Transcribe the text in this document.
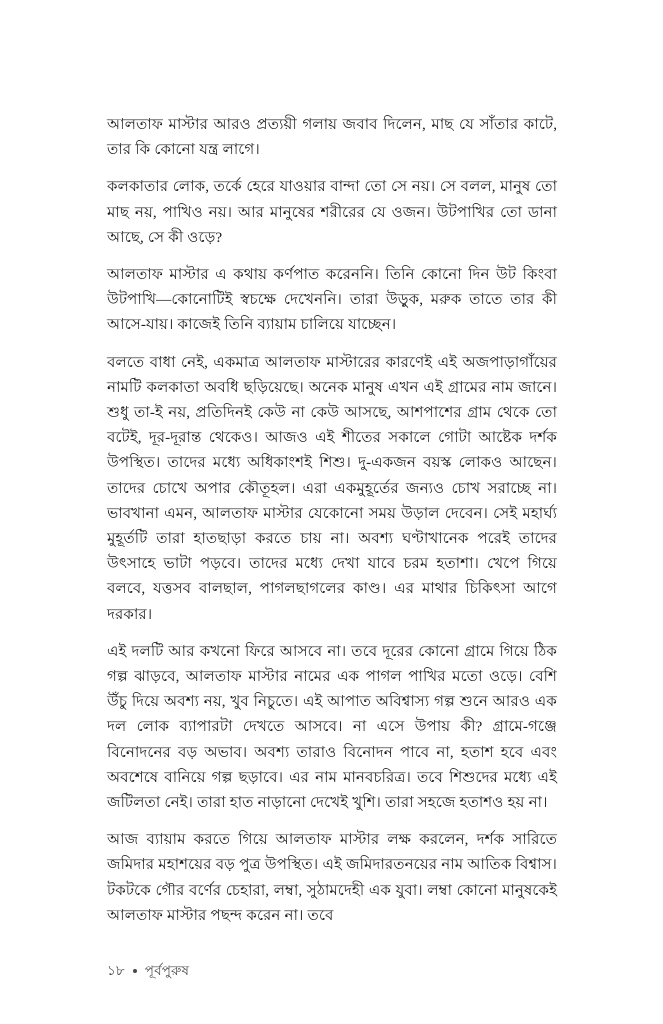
আলতাফ মাস্টার আরও প্রত্যয়ী গলায় জবাব দিলেন, মাছ যে সাঁতার কাটে, তার কি কোনো যন্ত্র লাগে।

কলকাতার লোক, তর্কে হেরে যাওয়ার বান্দা তো সে নয়। সে বলল, মানুষ তো মাছ নয়, পাখিও নয়। আর মানুষের শরীরের যে ওজন। উটপাখির তো ডানা আছে, সে কী ওড়ে?

আলতাফ মাস্টার এ কথায় কর্ণপাত করেননি। তিনি কোনো দিন উট কিংবা উটপাখি—কোনোটিই স্বচক্ষে দেখেননি। তারা উড়ুক, মরুক তাতে তার কী আসে-যায়। কাজেই তিনি ব্যায়াম চালিয়ে যাচ্ছেন।

বলতে বাধা নেই, একমাত্র আলতাফ মাস্টারের কারণেই এই অজপাড়াগাঁয়ের নামটি কলকাতা অবধি ছড়িয়েছে। অনেক মানুষ এখন এই গ্রামের নাম জানে। শুধু তা-ই নয়, প্রতিদিনই কেউ না কেউ আসছে, আশপাশের গ্রাম থেকে তো বটেই, দূর-দূরান্ত থেকেও। আজও এই শীতের সকালে গোটা আষ্টেক দর্শক উপস্থিত। তাদের মধ্যে অধিকাংশই শিশু। দু-একজন বয়স্ক লোকও আছেন। তাদের চোখে অপার কৌতূহল। এরা একমুহূর্তের জন্যও চোখ সরাচ্ছে না। ভাবখানা এমন, আলতাফ মাস্টার যেকোনো সময় উড়াল দেবেন। সেই মহার্ঘ্য মুহূর্তটি তারা হাতছাড়া করতে চায় না। অবশ্য ঘণ্টাখানেক পরেই তাদের উৎসাহে ভাটা পড়বে। তাদের মধ্যে দেখা যাবে চরম হতাশা। খেপে গিয়ে বলবে, যত্তসব বালছাল, পাগলছাগলের কাণ্ড। এর মাথার চিকিৎসা আগে দরকার।

এই দলটি আর কখনো ফিরে আসবে না। তবে দূরের কোনো গ্রামে গিয়ে ঠিক গল্প ঝাড়বে, আলতাফ মাস্টার নামের এক পাগল পাখির মতো ওড়ে। বেশি উঁচু দিয়ে অবশ্য নয়, খুব নিচুতে। এই আপাত অবিশ্বাস্য গল্প শুনে আরও এক দল লোক ব্যাপারটা দেখতে আসবে। না এসে উপায় কী? গ্রামে-গঞ্জে বিনোদনের বড় অভাব। অবশ্য তারাও বিনোদন পাবে না, হতাশ হবে এবং অবশেষে বানিয়ে গল্প ছড়াবে। এর নাম মানবচরিত্র। তবে শিশুদের মধ্যে এই জটিলতা নেই। তারা হাত নাড়ানো দেখেই খুশি। তারা সহজে হতাশও হয় না।

আজ ব্যায়াম করতে গিয়ে আলতাফ মাস্টার লক্ষ করলেন, দর্শক সারিতে জমিদার মহাশয়ের বড় পুত্র উপস্থিত। এই জমিদারতনয়ের নাম আতিক বিশ্বাস। টকটকে গৌর বর্ণের চেহারা, লম্বা, সুঠামদেহী এক যুবা। লম্বা কোনো মানুষকেই আলতাফ মাস্টার পছন্দ করেন না। তবে

১৮ পূর্বপুরুষ
